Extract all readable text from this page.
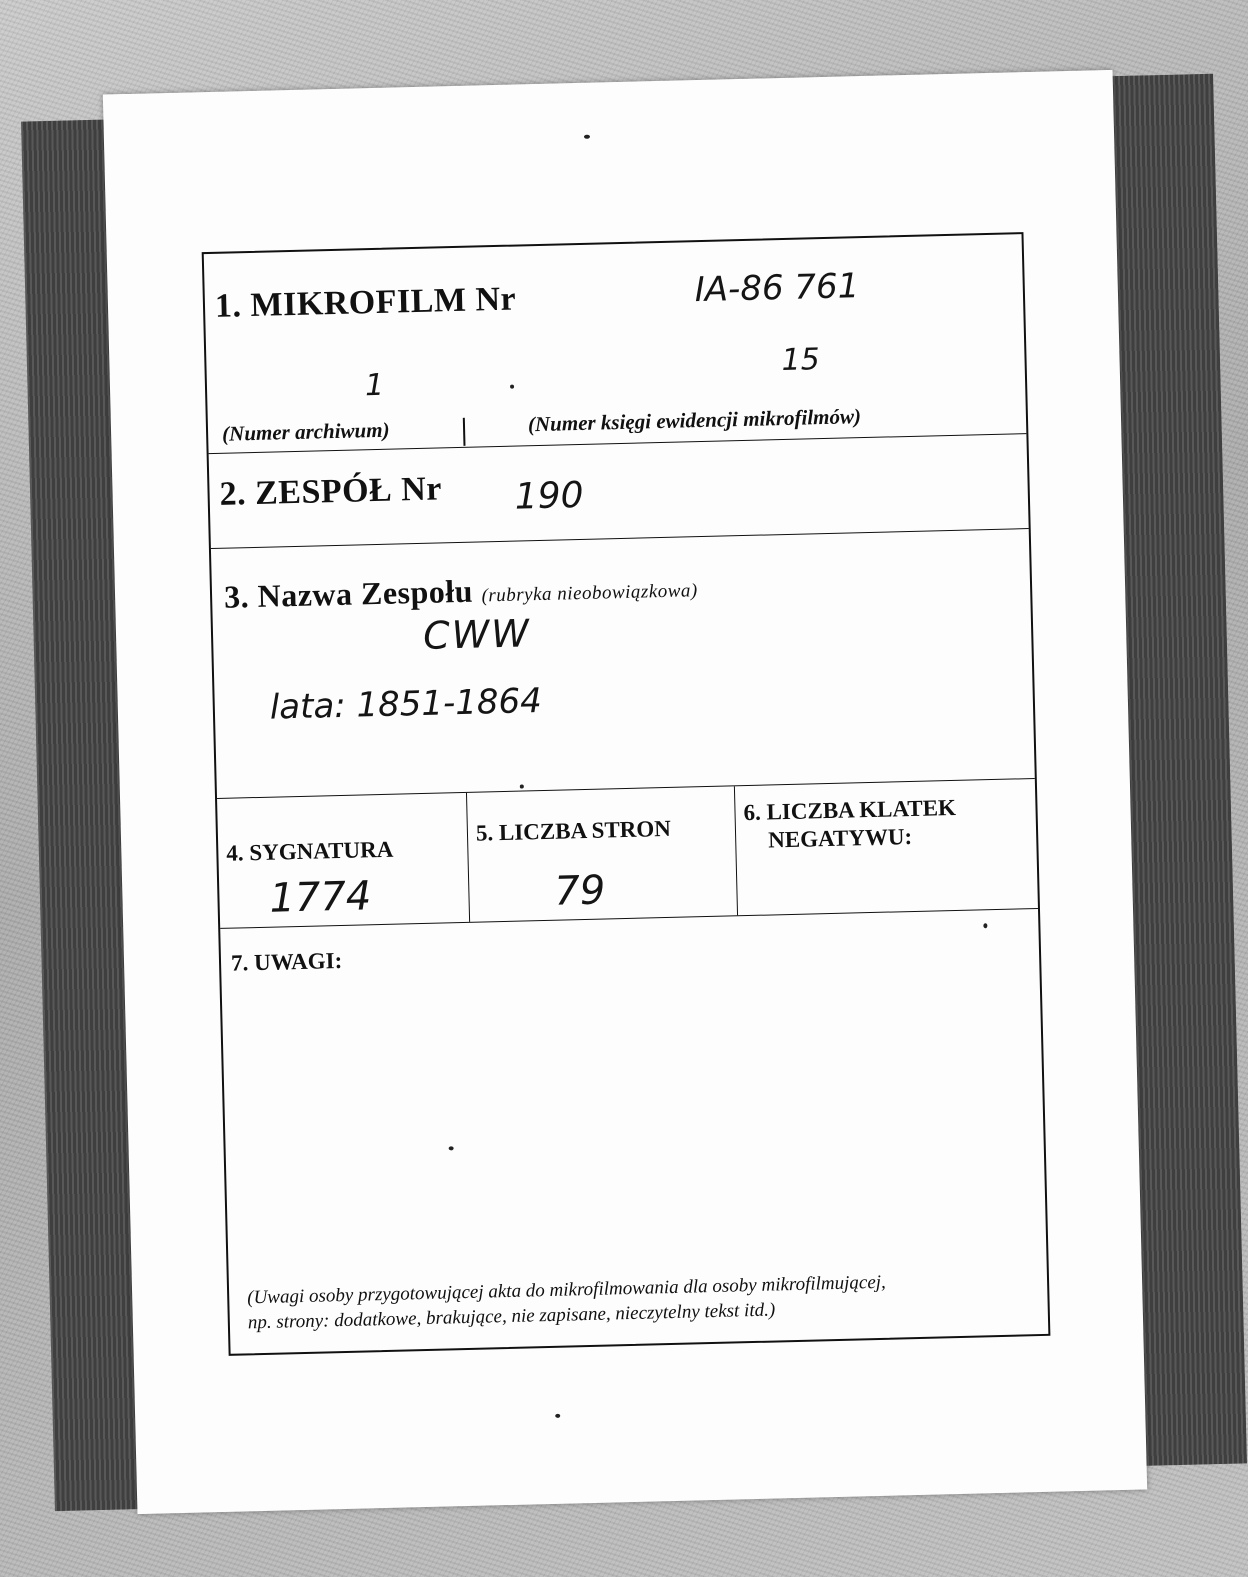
1. MIKROFILM Nr	IA-86 761
1
15
(Numer archiwum)	(Numer księgi ewidencji mikrofilmów)
2. ZESPÓŁ Nr 190
3. Nazwa Zespołu (rubryka nieobowiązkowa)
CWW
lata: 1851-1864
4. SYGNATURA
1774
5. LICZBA STRON
79
6. LICZBA KLATEK
NEGATYWU:
7. UWAGI:
(Uwagi osoby przygotowującej akta do mikrofilmowania dla osoby mikrofilmującej,
np. strony: dodatkowe, brakujące, nie zapisane, nieczytelny tekst itd.)
